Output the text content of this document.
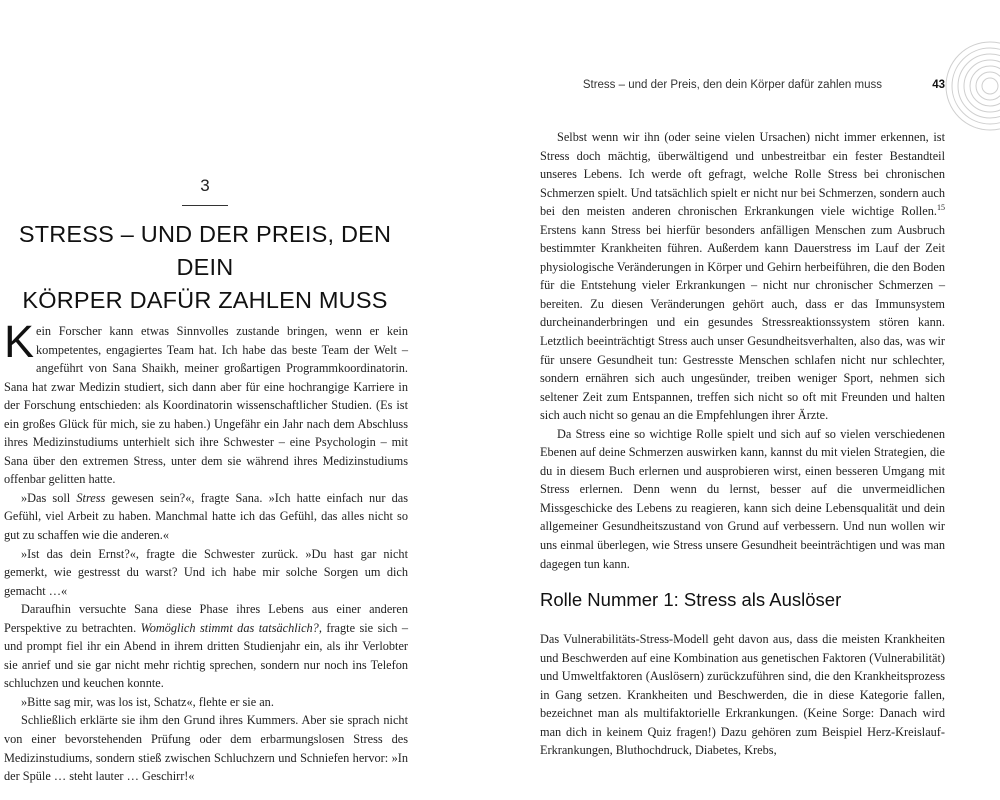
Stress – und der Preis, den dein Körper dafür zahlen muss	43
3
STRESS – UND DER PREIS, DEN DEIN
KÖRPER DAFÜR ZAHLEN MUSS

Kein Forscher kann etwas Sinnvolles zustande bringen, wenn er kein kompetentes, engagiertes Team hat. Ich habe das beste Team der Welt – angeführt von Sana Shaikh, meiner großartigen Programmkoordinatorin. Sana hat zwar Medizin studiert, sich dann aber für eine hochrangige Karriere in der Forschung entschieden: als Koordinatorin wissenschaftlicher Studien. (Es ist ein großes Glück für mich, sie zu haben.) Ungefähr ein Jahr nach dem Abschluss ihres Medizinstudiums unterhielt sich ihre Schwester – eine Psychologin – mit Sana über den extremen Stress, unter dem sie während ihres Medizinstudiums offenbar gelitten hatte.

»Das soll Stress gewesen sein?«, fragte Sana. »Ich hatte einfach nur das Gefühl, viel Arbeit zu haben. Manchmal hatte ich das Gefühl, das alles nicht so gut zu schaffen wie die anderen.«

»Ist das dein Ernst?«, fragte die Schwester zurück. »Du hast gar nicht gemerkt, wie gestresst du warst? Und ich habe mir solche Sorgen um dich gemacht …«

Daraufhin versuchte Sana diese Phase ihres Lebens aus einer anderen Perspektive zu betrachten. Womöglich stimmt das tatsächlich?, fragte sie sich – und prompt fiel ihr ein Abend in ihrem dritten Studienjahr ein, als ihr Verlobter sie anrief und sie gar nicht mehr richtig sprechen, sondern nur noch ins Telefon schluchzen und keuchen konnte.

»Bitte sag mir, was los ist, Schatz«, flehte er sie an.

Schließlich erklärte sie ihm den Grund ihres Kummers. Aber sie sprach nicht von einer bevorstehenden Prüfung oder dem erbarmungslosen Stress des Medizinstudiums, sondern stieß zwischen Schluchzern und Schniefen hervor: »In der Spüle … steht lauter … Geschirr!«

Selbst wenn wir ihn (oder seine vielen Ursachen) nicht immer erkennen, ist Stress doch mächtig, überwältigend und unbestreitbar ein fester Bestandteil unseres Lebens. Ich werde oft gefragt, welche Rolle Stress bei chronischen Schmerzen spielt. Und tatsächlich spielt er nicht nur bei Schmerzen, sondern auch bei den meisten anderen chronischen Erkrankungen viele wichtige Rollen.$^{15}$ Erstens kann Stress bei hierfür besonders anfälligen Menschen zum Ausbruch bestimmter Krankheiten führen. Außerdem kann Dauerstress im Lauf der Zeit physiologische Veränderungen in Körper und Gehirn herbeiführen, die den Boden für die Entstehung vieler Erkrankungen – nicht nur chronischer Schmerzen – bereiten. Zu diesen Veränderungen gehört auch, dass er das Immunsystem durcheinanderbringen und ein gesundes Stressreaktionssystem stören kann. Letztlich beeinträchtigt Stress auch unser Gesundheitsverhalten, also das, was wir für unsere Gesundheit tun: Gestresste Menschen schlafen nicht nur schlechter, sondern ernähren sich auch ungesünder, treiben weniger Sport, nehmen sich seltener Zeit zum Entspannen, treffen sich nicht so oft mit Freunden und halten sich auch nicht so genau an die Empfehlungen ihrer Ärzte.

Da Stress eine so wichtige Rolle spielt und sich auf so vielen verschiedenen Ebenen auf deine Schmerzen auswirken kann, kannst du mit vielen Strategien, die du in diesem Buch erlernen und ausprobieren wirst, einen besseren Umgang mit Stress erlernen. Denn wenn du lernst, besser auf die unvermeidlichen Missgeschicke des Lebens zu reagieren, kann sich deine Lebensqualität und dein allgemeiner Gesundheitszustand von Grund auf verbessern. Und nun wollen wir uns einmal überlegen, wie Stress unsere Gesundheit beeinträchtigen und was man dagegen tun kann.

Rolle Nummer 1: Stress als Auslöser

Das Vulnerabilitäts-Stress-Modell geht davon aus, dass die meisten Krankheiten und Beschwerden auf eine Kombination aus genetischen Faktoren (Vulnerabilität) und Umweltfaktoren (Auslösern) zurückzuführen sind, die den Krankheitsprozess in Gang setzen. Krankheiten und Beschwerden, die in diese Kategorie fallen, bezeichnet man als multifaktorielle Erkrankungen. (Keine Sorge: Danach wird man dich in keinem Quiz fragen!) Dazu gehören zum Beispiel Herz-Kreislauf-Erkrankungen, Bluthochdruck, Diabetes, Krebs,
